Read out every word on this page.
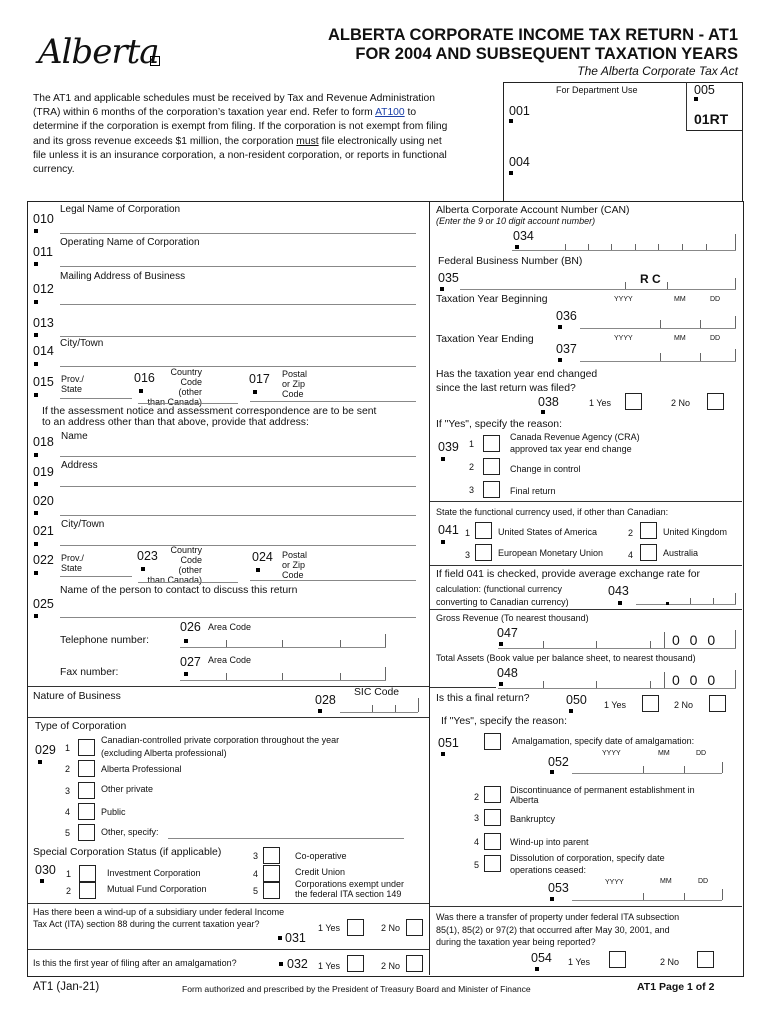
Alberta	ALBERTA CORPORATE INCOME TAX RETURN - AT1
FOR 2004 AND SUBSEQUENT TAXATION YEARS
The Alberta Corporate Tax Act
The AT1 and applicable schedules must be received by Tax and Revenue Administration
(TRA) within 6 months of the corporation’s taxation year end. Refer to form AT100 to
determine if the corporation is exempt from filing. If the corporation is not exempt from filing
and its gross revenue exceeds $1 million, the corporation must file electronically using net
file unless it is an insurance corporation, a non-resident corporation, or reports in functional
currency.
For Department Use
001
004
005
01RT
Legal Name of Corporation
010
Operating Name of Corporation
011
Mailing Address of Business
012
013
City/Town
014
015 Prov./
State
016	Country
Code
(other
than Canada)
017 Postal
or Zip
Code
If the assessment notice and assessment correspondence are to be sent
to an address other than that above, provide that address:
Name
018
Address
019
020
City/Town
021
022 Prov./
State
023	Country
Code
(other
than Canada)
024 Postal
or Zip
Code
Name of the person to contact to discuss this return
025
026 Area Code
Telephone number:
027 Area Code
Fax number:
Nature of Business	028
SIC Code
Type of Corporation
029 1
Canadian-controlled private corporation throughout the year
(excluding Alberta professional)
2	Alberta Professional
3	Other private
4	Public
5	Other, specify:
Special Corporation Status (if applicable)
030 1	Investment Corporation
2	Mutual Fund Corporation
3	Co-operative
4	Credit Union
5
Corporations exempt under
the federal ITA section 149
Has there been a wind-up of a subsidiary under federal Income
Tax Act (ITA) section 88 during the current taxation year?
031
1 Yes	2 No
Is this the first year of filing after an amalgamation?	032 1 Yes	2 No
Alberta Corporate Account Number (CAN)
(Enter the 9 or 10 digit account number)
034
Federal Business Number (BN)
035	R C
Taxation Year Beginning	YYYY	MM	DD
036
Taxation Year Ending	YYYY	MM	DD
037
Has the taxation year end changed
since the last return was filed?
038	1 Yes	2 No
If "Yes", specify the reason:
039 1
Canada Revenue Agency (CRA)
approved tax year end change
2	Change in control
3	Final return
State the functional currency used, if other than Canadian:
041 1	United States of America	2	United Kingdom
3	European Monetary Union	4	Australia
If field 041 is checked, provide average exchange rate for
calculation: (functional currency
converting to Canadian currency)
043
Gross Revenue (To nearest thousand)
047	0 0 0
Total Assets (Book value per balance sheet, to nearest thousand)
048	0 0 0
Is this a final return?	050 1 Yes	2 No
If "Yes", specify the reason:
051	Amalgamation, specify date of amalgamation:
YYYY	MM	DD
052
2
Discontinuance of permanent establishment in
Alberta
3	Bankruptcy
4	Wind-up into parent
5
Dissolution of corporation, specify date
operations ceased:
YYYY	MM	DD
053
Was there a transfer of property under federal ITA subsection
85(1), 85(2) or 97(2) that occurred after May 30, 2001, and
during the taxation year being reported?
054 1 Yes	2 No
AT1 (Jan-21)	Form authorized and prescribed by the President of Treasury Board and Minister of Finance	AT1 Page 1 of 2
